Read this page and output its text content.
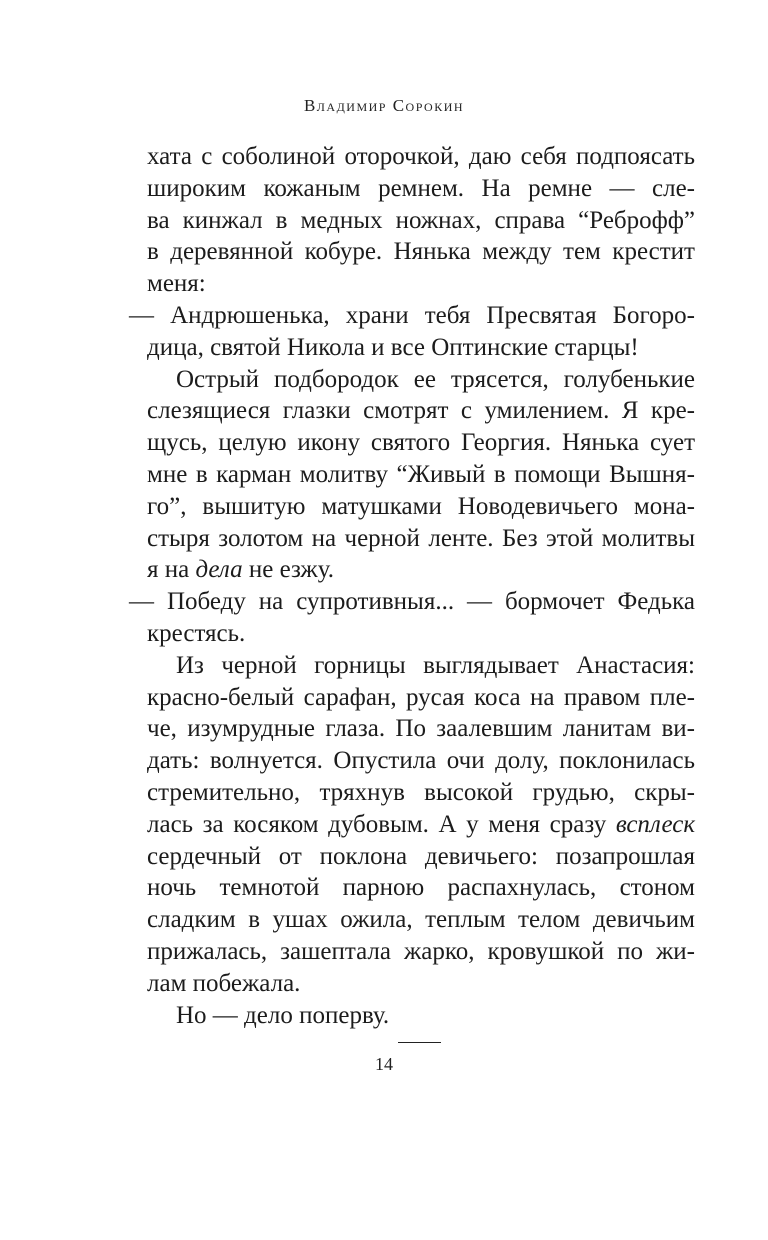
Владимир Сорокин
хата с соболиной оторочкой, даю себя подпоясать
широким кожаным ремнем. На ремне — сле-
ва кинжал в медных ножнах, справа “Реброфф”
в деревянной кобуре. Нянька между тем крестит
меня:
— Андрюшенька, храни тебя Пресвятая Богоро-
дица, святой Никола и все Оптинские старцы!
Острый подбородок ее трясется, голубенькие
слезящиеся глазки смотрят с умилением. Я кре-
щусь, целую икону святого Георгия. Нянька сует
мне в карман молитву “Живый в помощи Вышня-
го”, вышитую матушками Новодевичьего мона-
стыря золотом на черной ленте. Без этой молитвы
я на дела не езжу.
— Победу на супротивныя... — бормочет Федька
крестясь.
Из черной горницы выглядывает Анастасия:
красно-белый сарафан, русая коса на правом пле-
че, изумрудные глаза. По заалевшим ланитам ви-
дать: волнуется. Опустила очи долу, поклонилась
стремительно, тряхнув высокой грудью, скры-
лась за косяком дубовым. А у меня сразу всплеск
сердечный от поклона девичьего: позапрошлая
ночь темнотой парною распахнулась, стоном
сладким в ушах ожила, теплым телом девичьим
прижалась, зашептала жарко, кровушкой по жи-
лам побежала.
Но — дело поперву.
14
